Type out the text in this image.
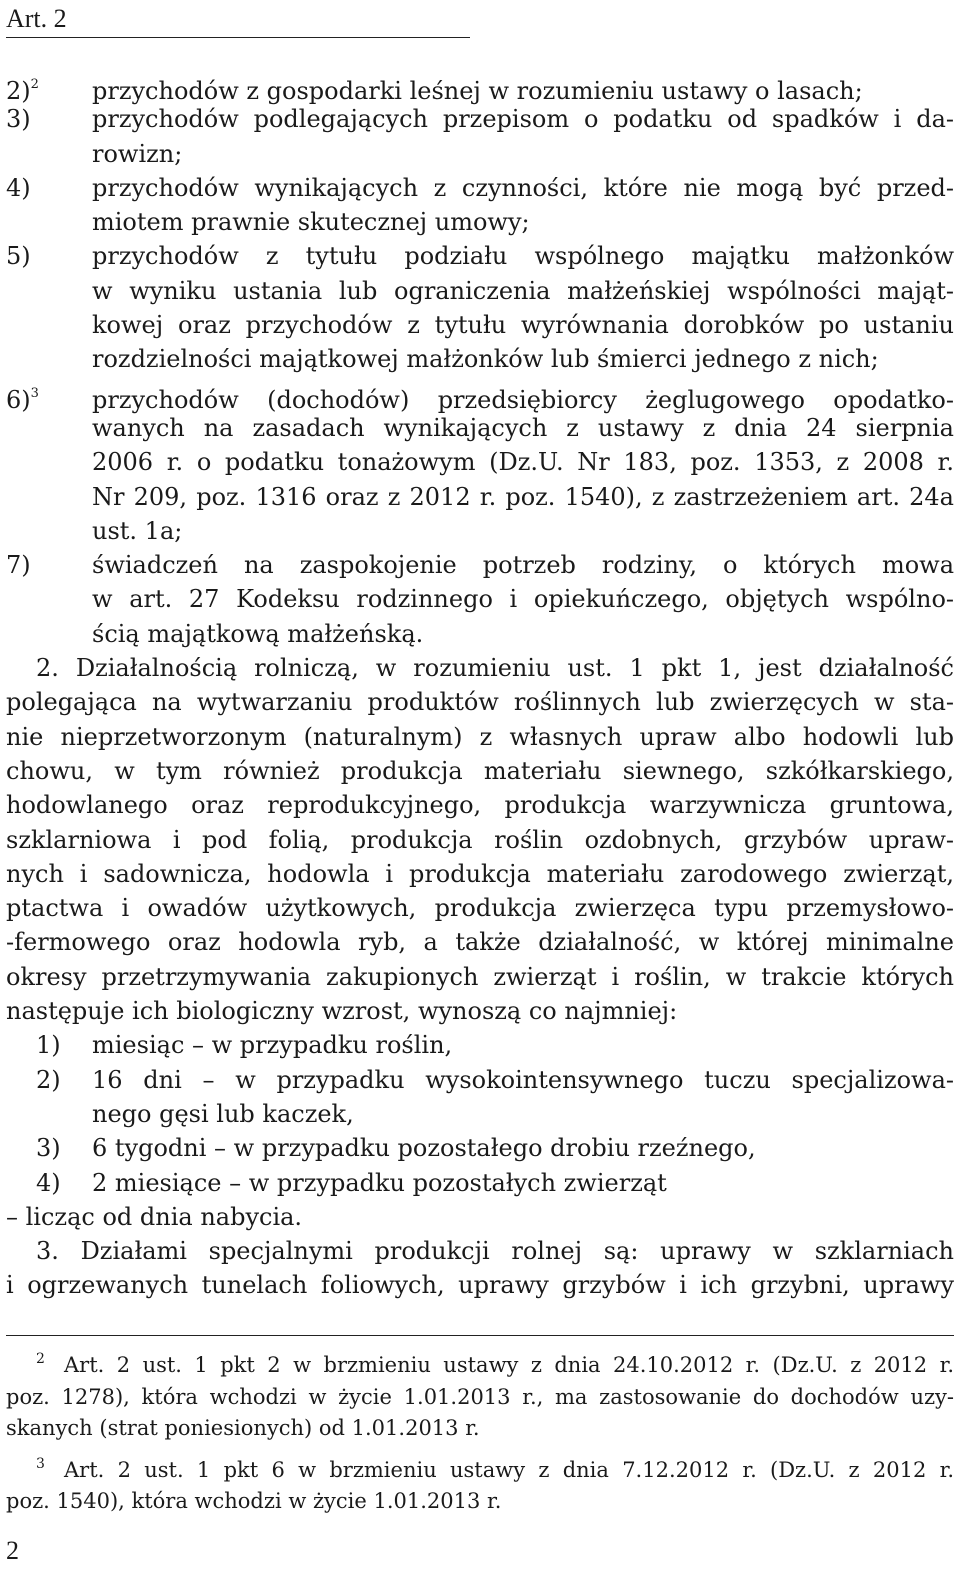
Art. 2
2)$^2$ przychodów z gospodarki leśnej w rozumieniu ustawy o lasach;
3)	przychodów podlegających przepisom o podatku od spadków i da-
rowizn;
4)	przychodów wynikających z czynności, które nie mogą być przed-
miotem prawnie skutecznej umowy;
5)	przychodów z tytułu podziału wspólnego majątku małżonków
w wyniku ustania lub ograniczenia małżeńskiej wspólności mająt-
kowej oraz przychodów z tytułu wyrównania dorobków po ustaniu
rozdzielności majątkowej małżonków lub śmierci jednego z nich;
6)$^3$ przychodów (dochodów) przedsiębiorcy żeglugowego opodatko-
wanych na zasadach wynikających z ustawy z dnia 24 sierpnia
2006 r. o podatku tonażowym (Dz.U. Nr 183, poz. 1353, z 2008 r.
Nr 209, poz. 1316 oraz z 2012 r. poz. 1540), z zastrzeżeniem art. 24a
ust. 1a;
7)	świadczeń na zaspokojenie potrzeb rodziny, o których mowa
w art. 27 Kodeksu rodzinnego i opiekuńczego, objętych wspólno-
ścią majątkową małżeńską.
2. Działalnością rolniczą, w rozumieniu ust. 1 pkt 1, jest działalność
polegająca na wytwarzaniu produktów roślinnych lub zwierzęcych w sta-
nie nieprzetworzonym (naturalnym) z własnych upraw albo hodowli lub
chowu, w tym również produkcja materiału siewnego, szkółkarskiego,
hodowlanego oraz reprodukcyjnego, produkcja warzywnicza gruntowa,
szklarniowa i pod folią, produkcja roślin ozdobnych, grzybów upraw-
nych i sadownicza, hodowla i produkcja materiału zarodowego zwierząt,
ptactwa i owadów użytkowych, produkcja zwierzęca typu przemysłowo-
-fermowego oraz hodowla ryb, a także działalność, w której minimalne
okresy przetrzymywania zakupionych zwierząt i roślin, w trakcie których
następuje ich biologiczny wzrost, wynoszą co najmniej:
1) miesiąc – w przypadku roślin,
2) 16 dni – w przypadku wysokointensywnego tuczu specjalizowa-
nego gęsi lub kaczek,
3) 6 tygodni – w przypadku pozostałego drobiu rzeźnego,
4) 2 miesiące – w przypadku pozostałych zwierząt
– licząc od dnia nabycia.
3. Działami specjalnymi produkcji rolnej są: uprawy w szklarniach
i ogrzewanych tunelach foliowych, uprawy grzybów i ich grzybni, uprawy
$^2$ Art. 2 ust. 1 pkt 2 w brzmieniu ustawy z dnia 24.10.2012 r. (Dz.U. z 2012 r.
poz. 1278), która wchodzi w życie 1.01.2013 r., ma zastosowanie do dochodów uzy-
skanych (strat poniesionych) od 1.01.2013 r.
$^3$ Art. 2 ust. 1 pkt 6 w brzmieniu ustawy z dnia 7.12.2012 r. (Dz.U. z 2012 r.
poz. 1540), która wchodzi w życie 1.01.2013 r.
2
